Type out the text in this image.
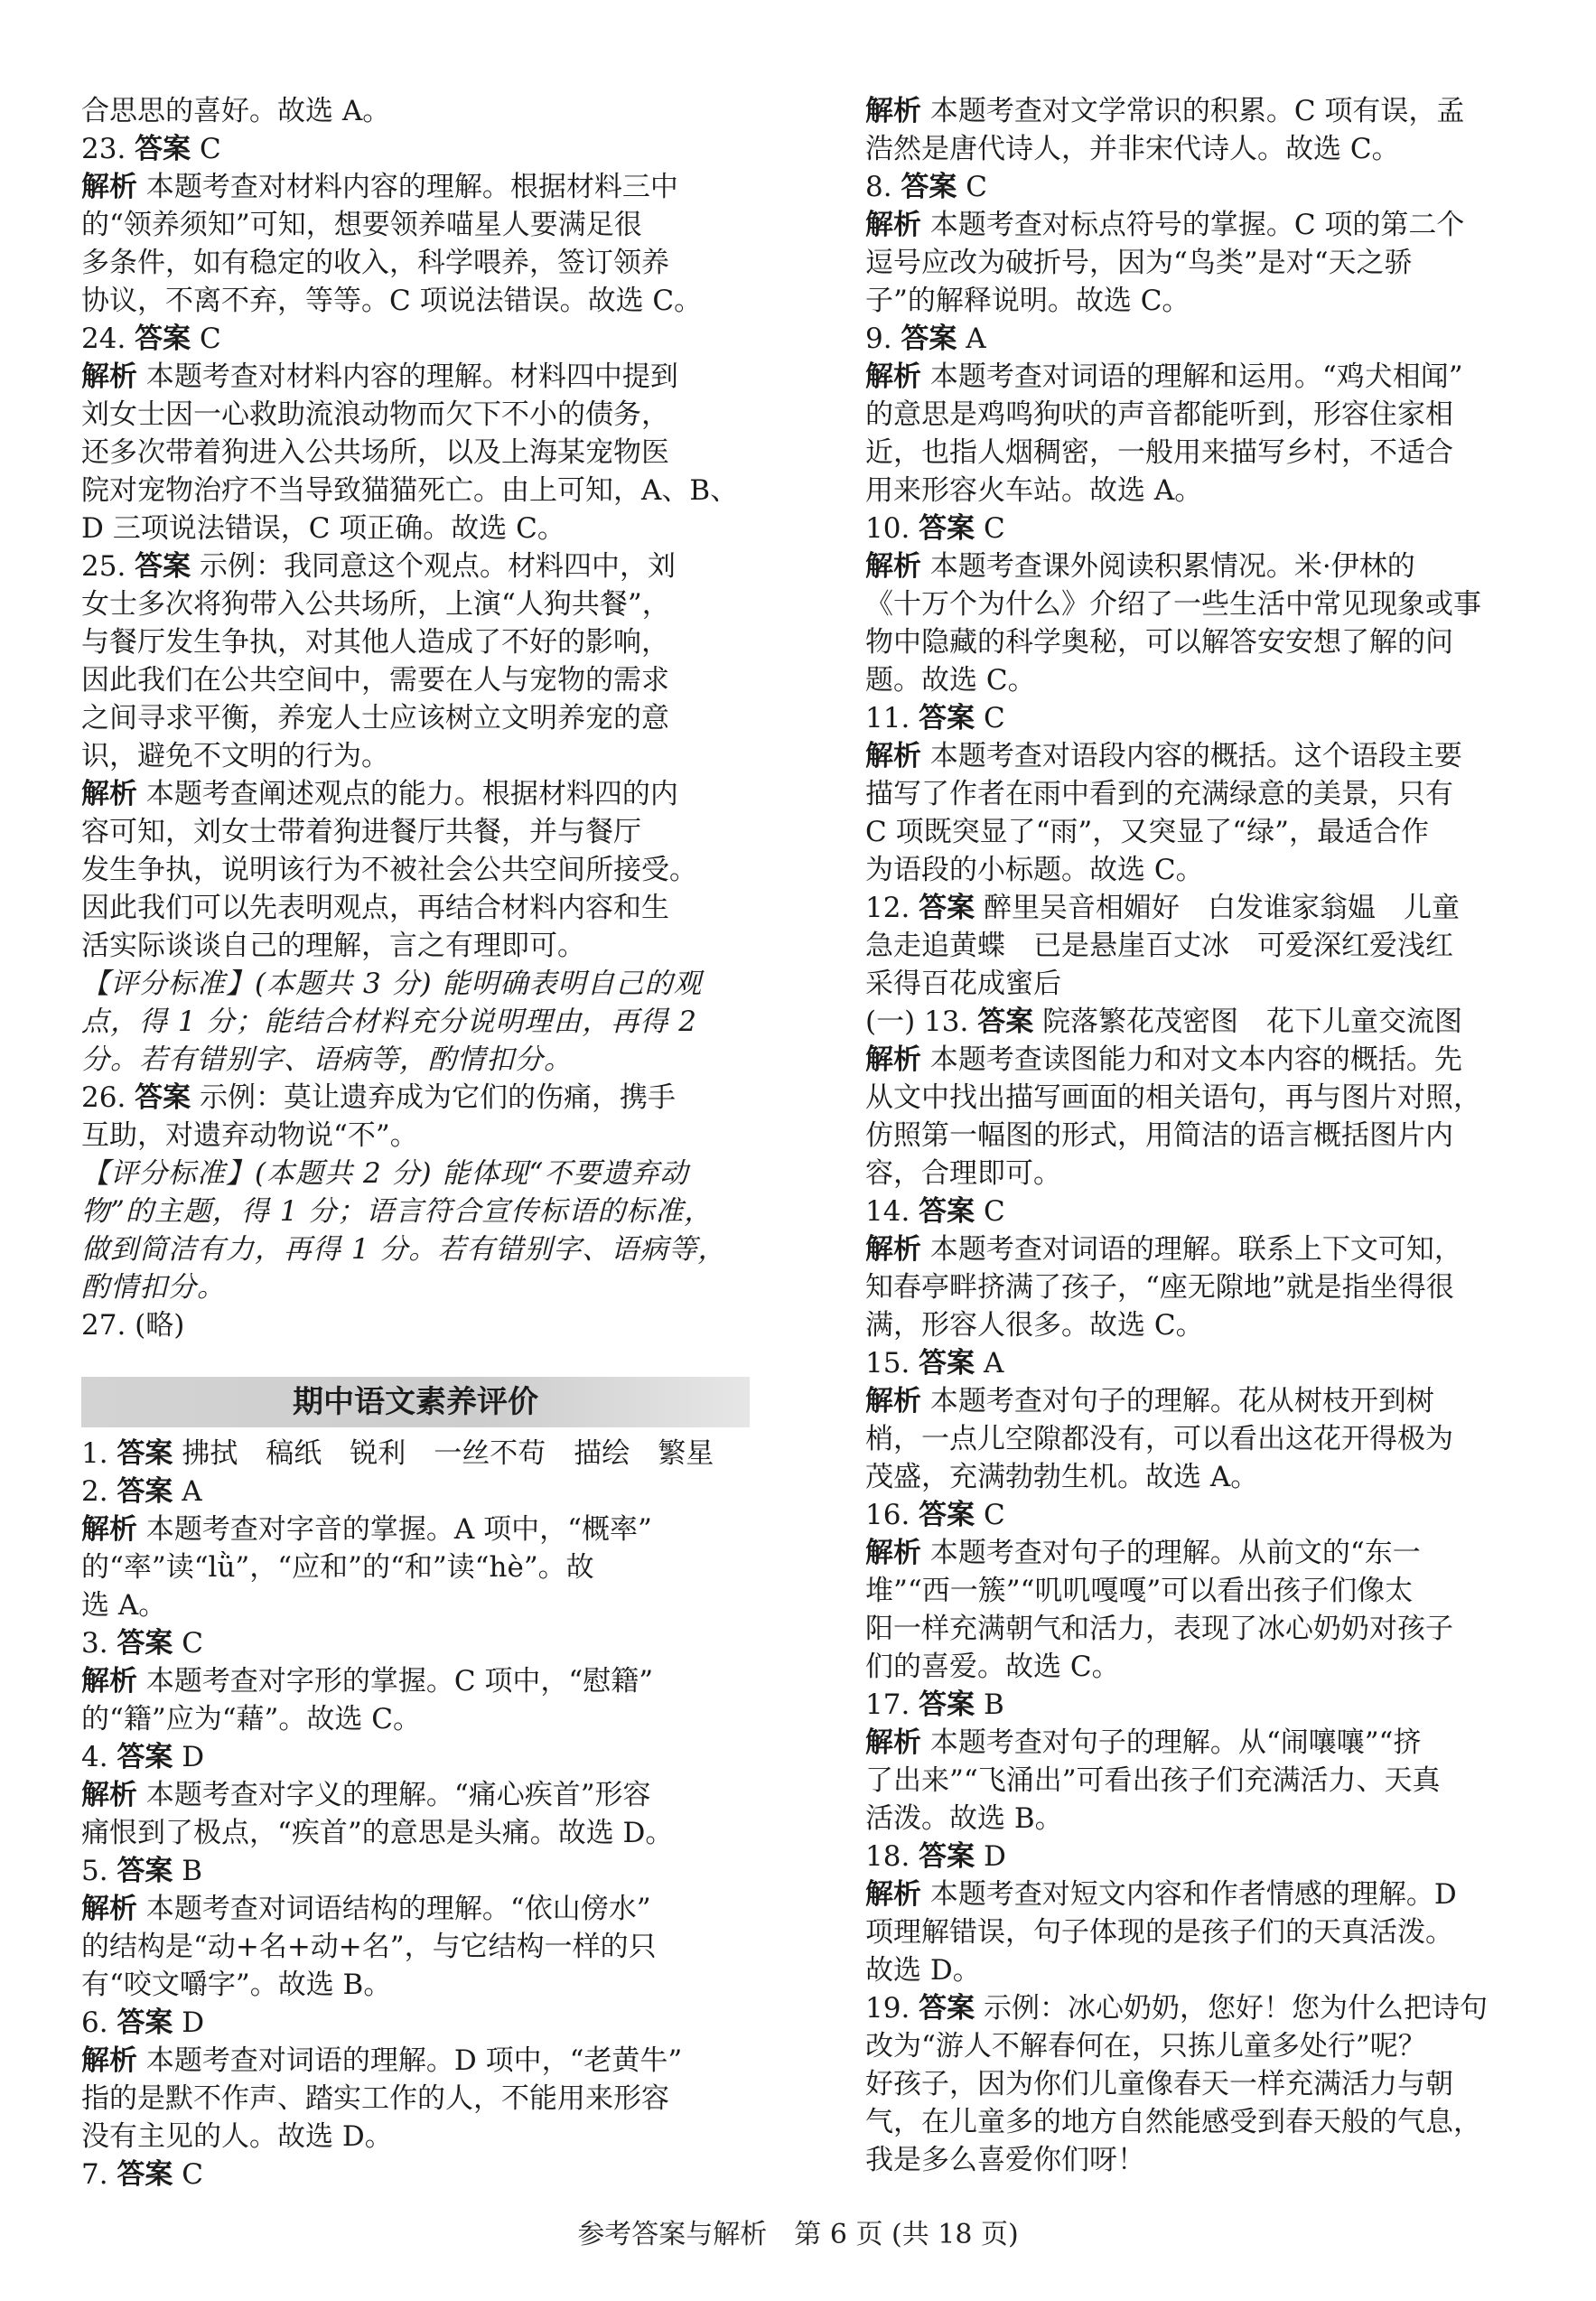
合思思的喜好。故选 A。
23. 答案 C
解析 本题考查对材料内容的理解。根据材料三中
的“领养须知”可知，想要领养喵星人要满足很
多条件，如有稳定的收入，科学喂养，签订领养
协议，不离不弃，等等。C 项说法错误。故选 C。
24. 答案 C
解析 本题考查对材料内容的理解。材料四中提到
刘女士因一心救助流浪动物而欠下不小的债务，
还多次带着狗进入公共场所，以及上海某宠物医
院对宠物治疗不当导致猫猫死亡。由上可知，A、B、
D 三项说法错误，C 项正确。故选 C。
25. 答案 示例：我同意这个观点。材料四中，刘
女士多次将狗带入公共场所，上演“人狗共餐”，
与餐厅发生争执，对其他人造成了不好的影响，
因此我们在公共空间中，需要在人与宠物的需求
之间寻求平衡，养宠人士应该树立文明养宠的意
识，避免不文明的行为。
解析 本题考查阐述观点的能力。根据材料四的内
容可知，刘女士带着狗进餐厅共餐，并与餐厅
发生争执，说明该行为不被社会公共空间所接受。
因此我们可以先表明观点，再结合材料内容和生
活实际谈谈自己的理解，言之有理即可。
【评分标准】(本题共 3 分) 能明确表明自己的观
点，得 1 分；能结合材料充分说明理由，再得 2
分。若有错别字、语病等，酌情扣分。
26. 答案 示例：莫让遗弃成为它们的伤痛，携手
互助，对遗弃动物说“不”。
【评分标准】(本题共 2 分) 能体现“不要遗弃动
物”的主题，得 1 分；语言符合宣传标语的标准，
做到简洁有力，再得 1 分。若有错别字、语病等，
酌情扣分。
27. (略)
期中语文素养评价
1. 答案 拂拭　稿纸　锐利　一丝不苟　描绘　繁星
2. 答案 A
解析 本题考查对字音的掌握。A 项中，“概率”
的“率”读“lǜ”，“应和”的“和”读“hè”。故
选 A。
3. 答案 C
解析 本题考查对字形的掌握。C 项中，“慰籍”
的“籍”应为“藉”。故选 C。
4. 答案 D
解析 本题考查对字义的理解。“痛心疾首”形容
痛恨到了极点，“疾首”的意思是头痛。故选 D。
5. 答案 B
解析 本题考查对词语结构的理解。“依山傍水”
的结构是“动+名+动+名”，与它结构一样的只
有“咬文嚼字”。故选 B。
6. 答案 D
解析 本题考查对词语的理解。D 项中，“老黄牛”
指的是默不作声、踏实工作的人，不能用来形容
没有主见的人。故选 D。
7. 答案 C
解析 本题考查对文学常识的积累。C 项有误，孟
浩然是唐代诗人，并非宋代诗人。故选 C。
8. 答案 C
解析 本题考查对标点符号的掌握。C 项的第二个
逗号应改为破折号，因为“鸟类”是对“天之骄
子”的解释说明。故选 C。
9. 答案 A
解析 本题考查对词语的理解和运用。“鸡犬相闻”
的意思是鸡鸣狗吠的声音都能听到，形容住家相
近，也指人烟稠密，一般用来描写乡村，不适合
用来形容火车站。故选 A。
10. 答案 C
解析 本题考查课外阅读积累情况。米·伊林的
《十万个为什么》介绍了一些生活中常见现象或事
物中隐藏的科学奥秘，可以解答安安想了解的问
题。故选 C。
11. 答案 C
解析 本题考查对语段内容的概括。这个语段主要
描写了作者在雨中看到的充满绿意的美景，只有
C 项既突显了“雨”，又突显了“绿”，最适合作
为语段的小标题。故选 C。
12. 答案 醉里吴音相媚好　白发谁家翁媪　儿童
急走追黄蝶　已是悬崖百丈冰　可爱深红爱浅红
采得百花成蜜后
(一) 13. 答案 院落繁花茂密图　花下儿童交流图
解析 本题考查读图能力和对文本内容的概括。先
从文中找出描写画面的相关语句，再与图片对照，
仿照第一幅图的形式，用简洁的语言概括图片内
容，合理即可。
14. 答案 C
解析 本题考查对词语的理解。联系上下文可知，
知春亭畔挤满了孩子，“座无隙地”就是指坐得很
满，形容人很多。故选 C。
15. 答案 A
解析 本题考查对句子的理解。花从树枝开到树
梢，一点儿空隙都没有，可以看出这花开得极为
茂盛，充满勃勃生机。故选 A。
16. 答案 C
解析 本题考查对句子的理解。从前文的“东一
堆”“西一簇”“叽叽嘎嘎”可以看出孩子们像太
阳一样充满朝气和活力，表现了冰心奶奶对孩子
们的喜爱。故选 C。
17. 答案 B
解析 本题考查对句子的理解。从“闹嚷嚷”“挤
了出来”“飞涌出”可看出孩子们充满活力、天真
活泼。故选 B。
18. 答案 D
解析 本题考查对短文内容和作者情感的理解。D
项理解错误，句子体现的是孩子们的天真活泼。
故选 D。
19. 答案 示例：冰心奶奶，您好！您为什么把诗句
改为“游人不解春何在，只拣儿童多处行”呢？
好孩子，因为你们儿童像春天一样充满活力与朝
气，在儿童多的地方自然能感受到春天般的气息，
我是多么喜爱你们呀！
参考答案与解析　第 6 页 (共 18 页)
